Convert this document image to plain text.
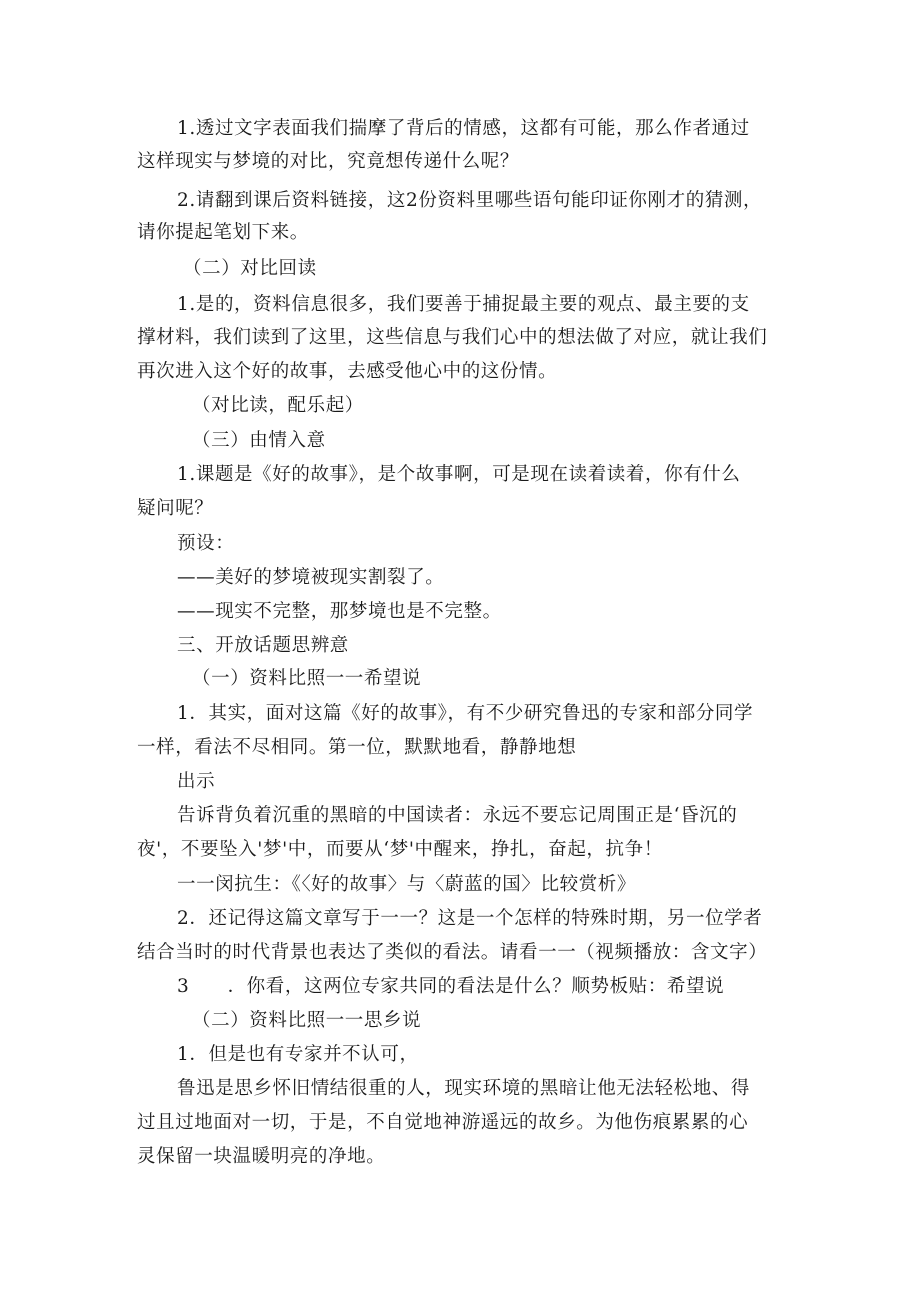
1.透过文字表面我们揣摩了背后的情感，这都有可能，那么作者通过
这样现实与梦境的对比，究竟想传递什么呢？
2.请翻到课后资料链接，这2份资料里哪些语句能印证你刚才的猜测，
请你提起笔划下来。
（二）对比回读
1.是的，资料信息很多，我们要善于捕捉最主要的观点、最主要的支
撑材料，我们读到了这里，这些信息与我们心中的想法做了对应，就让我们
再次进入这个好的故事，去感受他心中的这份情。
（对比读，配乐起）
（三）由情入意
1.课题是《好的故事》，是个故事啊，可是现在读着读着，你有什么
疑问呢？
预设：
——美好的梦境被现实割裂了。
——现实不完整，那梦境也是不完整。
三、开放话题思辨意
（一）资料比照一一希望说
1．其实，面对这篇《好的故事》，有不少研究鲁迅的专家和部分同学
一样，看法不尽相同。第一位，默默地看，静静地想
出示
告诉背负着沉重的黑暗的中国读者：永远不要忘记周围正是‘昏沉的
夜'，不要坠入'梦'中，而要从‘梦'中醒来，挣扎，奋起，抗争！
一一闵抗生：《〈好的故事〉与〈蔚蓝的国〉比较赏析》
2．还记得这篇文章写于一一？这是一个怎样的特殊时期，另一位学者
结合当时的时代背景也表达了类似的看法。请看一一（视频播放：含文字）
3　　．你看，这两位专家共同的看法是什么？顺势板贴：希望说
（二）资料比照一一思乡说
1．但是也有专家并不认可，
鲁迅是思乡怀旧情结很重的人，现实环境的黑暗让他无法轻松地、得
过且过地面对一切，于是，不自觉地神游遥远的故乡。为他伤痕累累的心
灵保留一块温暖明亮的净地。
